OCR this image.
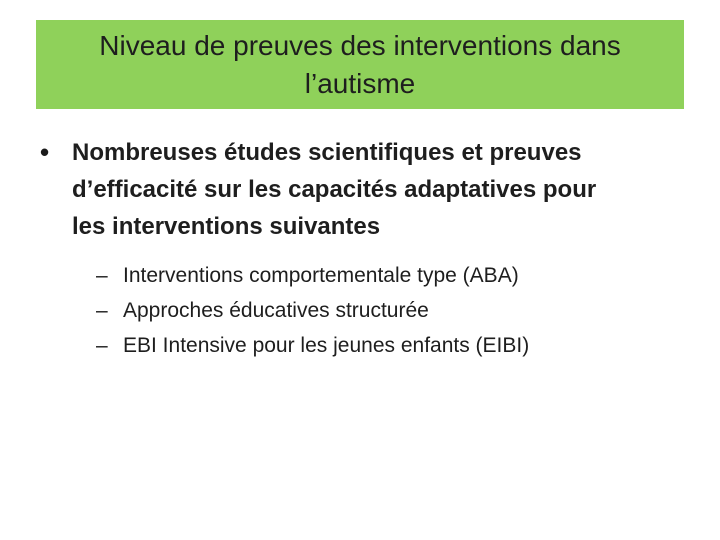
Niveau de preuves des interventions dans
l’autisme
• Nombreuses études scientifiques et preuves
d’efficacité sur les capacités adaptatives pour
les interventions suivantes
– Interventions comportementale type (ABA)
– Approches éducatives structurée
– EBI Intensive pour les jeunes enfants (EIBI)
